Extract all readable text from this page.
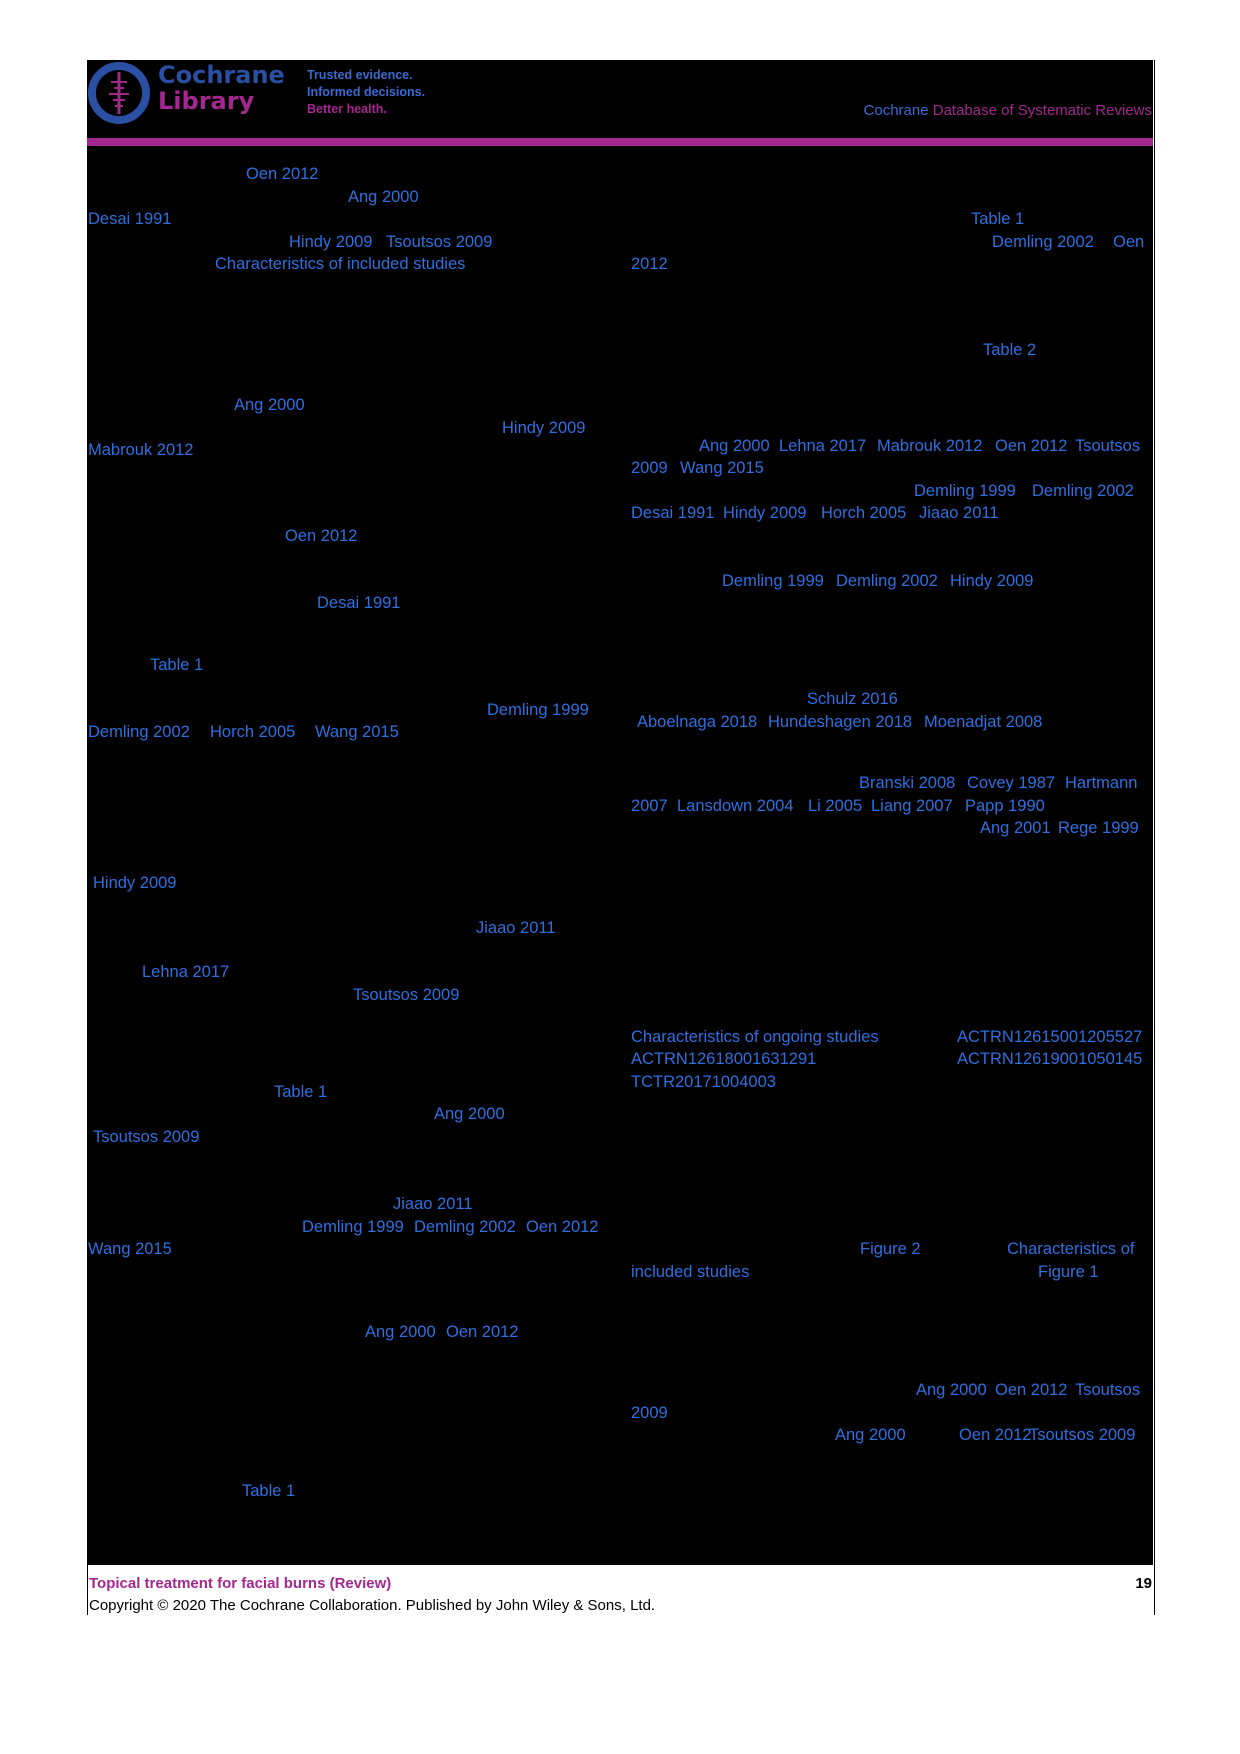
Cochrane
Library
Trusted evidence.
Informed decisions.
Better health.	Cochrane Database of Systematic Reviews
Oen 2012
Ang 2000
Desai 1991
Hindy 2009 Tsoutsos 2009
Characteristics of included studies
Ang 2000
Hindy 2009
Mabrouk 2012
Oen 2012
Desai 1991
Table 1
Demling 1999
Demling 2002 Horch 2005 Wang 2015
Hindy 2009
Jiaao 2011
Lehna 2017
Tsoutsos 2009
Table 1
Ang 2000
Tsoutsos 2009
Jiaao 2011
Demling 1999 Demling 2002 Oen 2012
Wang 2015
Ang 2000 Oen 2012
Table 1
Table 1
Demling 2002 Oen
2012
Table 2
Ang 2000 Lehna 2017 Mabrouk 2012 Oen 2012 Tsoutsos
2009 Wang 2015
Demling 1999 Demling 2002
Desai 1991 Hindy 2009 Horch 2005 Jiaao 2011
Demling 1999 Demling 2002 Hindy 2009
Schulz 2016
Aboelnaga 2018 Hundeshagen 2018 Moenadjat 2008
Branski 2008 Covey 1987 Hartmann
2007 Lansdown 2004 Li 2005 Liang 2007 Papp 1990
Ang 2001 Rege 1999
Characteristics of ongoing studies	ACTRN12615001205527
ACTRN12618001631291	ACTRN12619001050145
TCTR20171004003
Figure 2	Characteristics of
included studies	Figure 1
Ang 2000 Oen 2012 Tsoutsos
2009
Ang 2000	Oen 2012
Tsoutsos 2009
Topical treatment for facial burns (Review)	19
Copyright © 2020 The Cochrane Collaboration. Published by John Wiley & Sons, Ltd.
